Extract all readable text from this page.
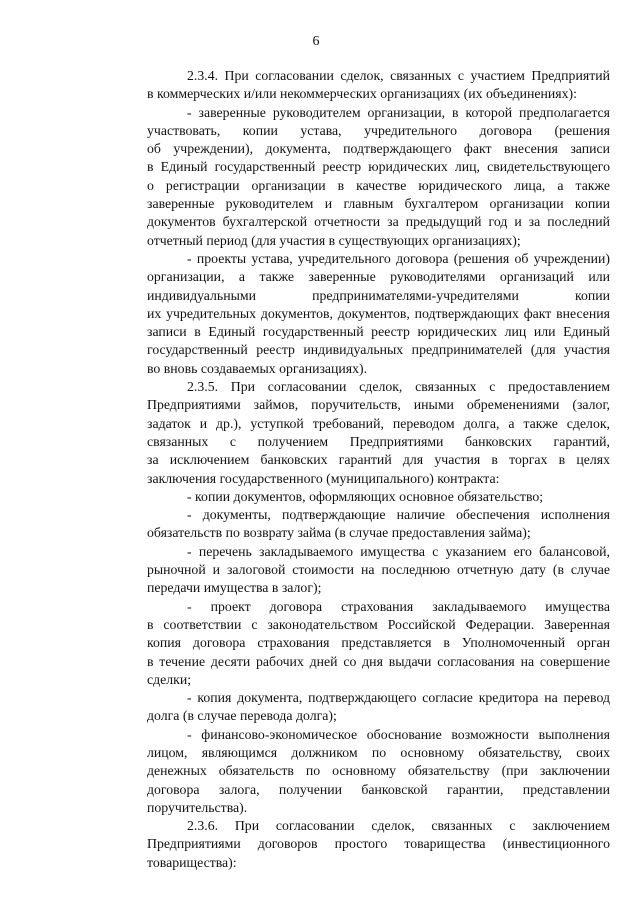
6
2.3.4. При согласовании сделок, связанных с участием Предприятий
в коммерческих и/или некоммерческих организациях (их объединениях):
- заверенные руководителем организации, в которой предполагается
участвовать, копии устава, учредительного договора (решения
об учреждении), документа, подтверждающего факт внесения записи
в Единый государственный реестр юридических лиц, свидетельствующего
о регистрации организации в качестве юридического лица, а также
заверенные руководителем и главным бухгалтером организации копии
документов бухгалтерской отчетности за предыдущий год и за последний
отчетный период (для участия в существующих организациях);
- проекты устава, учредительного договора (решения об учреждении)
организации, а также заверенные руководителями организаций или
индивидуальными предпринимателями-учредителями копии
их учредительных документов, документов, подтверждающих факт внесения
записи в Единый государственный реестр юридических лиц или Единый
государственный реестр индивидуальных предпринимателей (для участия
во вновь создаваемых организациях).
2.3.5. При согласовании сделок, связанных с предоставлением
Предприятиями займов, поручительств, иными обременениями (залог,
задаток и др.), уступкой требований, переводом долга, а также сделок,
связанных с получением Предприятиями банковских гарантий,
за исключением банковских гарантий для участия в торгах в целях
заключения государственного (муниципального) контракта:
- копии документов, оформляющих основное обязательство;
- документы, подтверждающие наличие обеспечения исполнения
обязательств по возврату займа (в случае предоставления займа);
- перечень закладываемого имущества с указанием его балансовой,
рыночной и залоговой стоимости на последнюю отчетную дату (в случае
передачи имущества в залог);
- проект договора страхования закладываемого имущества
в соответствии с законодательством Российской Федерации. Заверенная
копия договора страхования представляется в Уполномоченный орган
в течение десяти рабочих дней со дня выдачи согласования на совершение
сделки;
- копия документа, подтверждающего согласие кредитора на перевод
долга (в случае перевода долга);
- финансово-экономическое обоснование возможности выполнения
лицом, являющимся должником по основному обязательству, своих
денежных обязательств по основному обязательству (при заключении
договора залога, получении банковской гарантии, представлении
поручительства).
2.3.6. При согласовании сделок, связанных с заключением
Предприятиями договоров простого товарищества (инвестиционного
товарищества):
